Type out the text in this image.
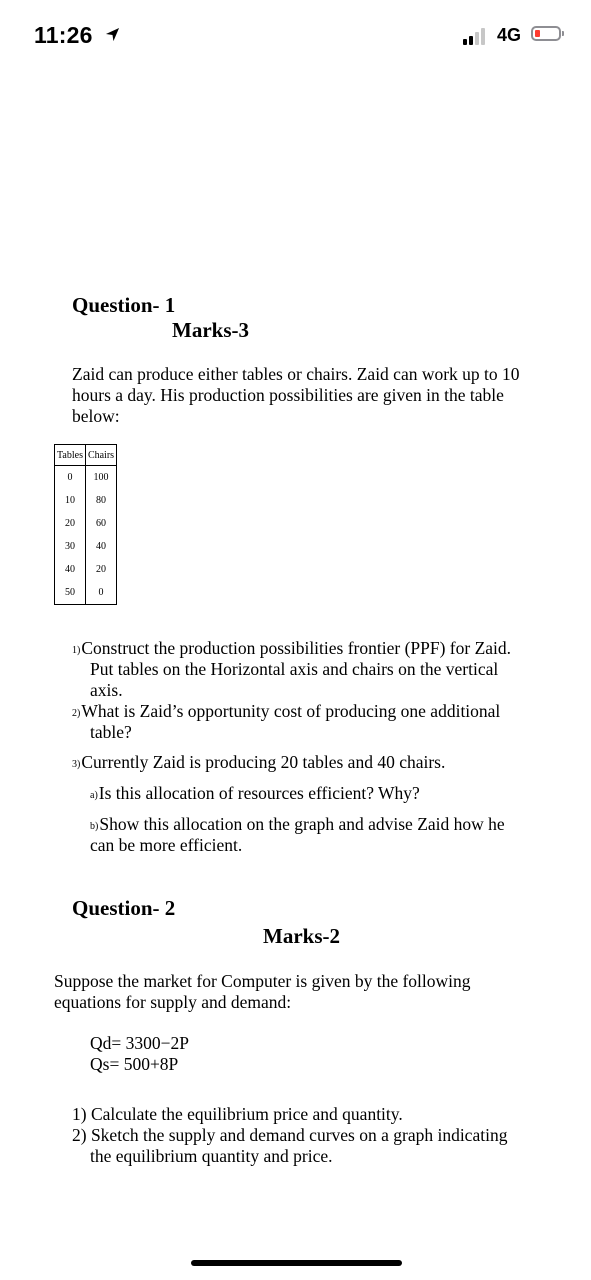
11:26	4G
Question- 1
Marks-3
Zaid can produce either tables or chairs. Zaid can work up to 10
hours a day. His production possibilities are given in the table
below:
Tables	Chairs
0	100
10	80
20	60
30	40
40	20
50	0
1)Construct the production possibilities frontier (PPF) for Zaid.
Put tables on the Horizontal axis and chairs on the vertical
axis.
2)What is Zaid’s opportunity cost of producing one additional
table?
3)Currently Zaid is producing 20 tables and 40 chairs.
a)Is this allocation of resources efficient? Why?
b)Show this allocation on the graph and advise Zaid how he
can be more efficient.
Question- 2
Marks-2
Suppose the market for Computer is given by the following
equations for supply and demand:
Qd= 3300−2P
Qs= 500+8P
1) Calculate the equilibrium price and quantity.
2) Sketch the supply and demand curves on a graph indicating
the equilibrium quantity and price.
